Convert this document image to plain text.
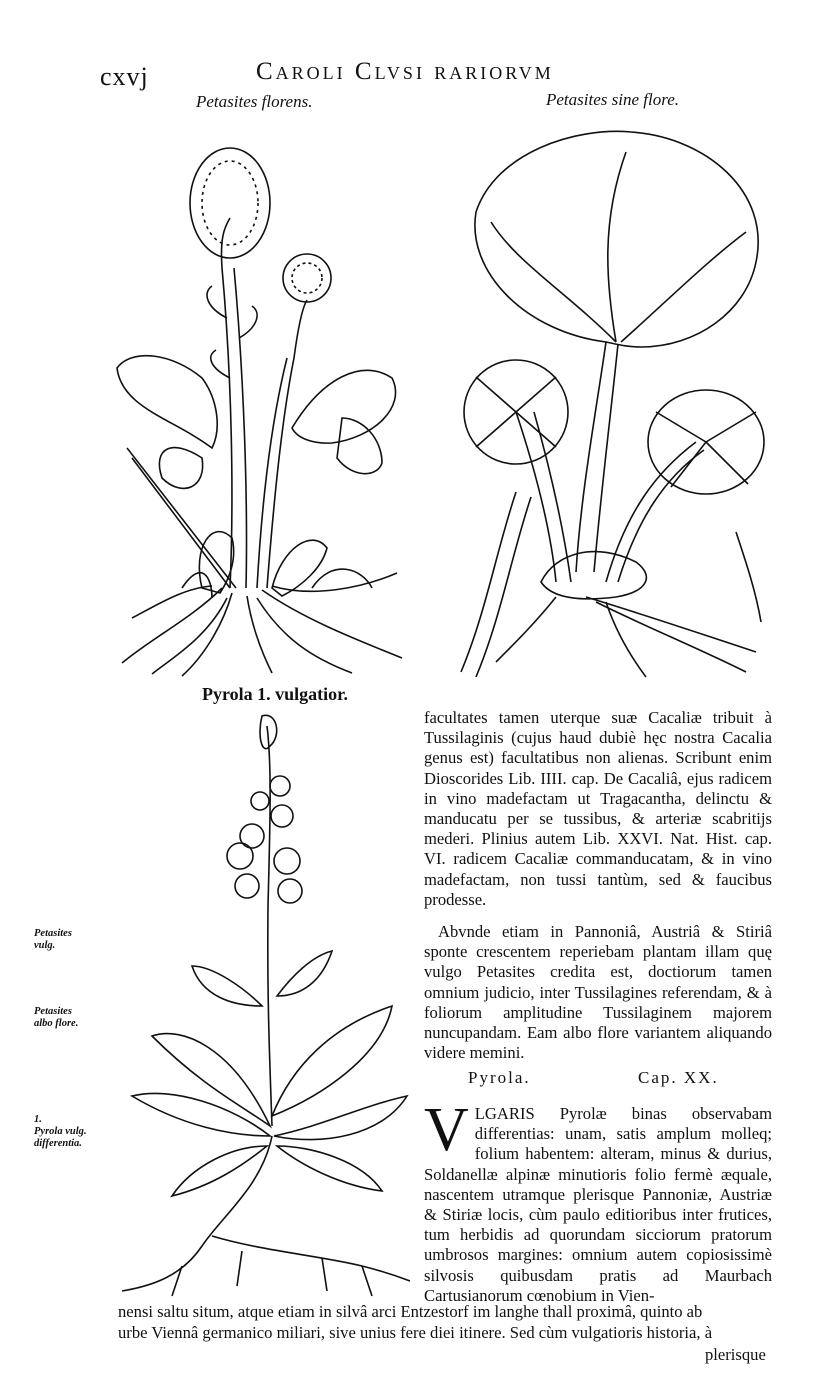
cxvj	Caroli Clvsi rariorvm
Petasites florens.	Petasites sine flore.
Pyrola 1. vulgatior.
Petasites
vulg.
Petasites
albo flore.
1.
Pyrola vulg.
differentia.

facultates tamen uterque suæ Cacaliæ tribuit à Tussilaginis (cujus haud dubiè hęc nostra Cacalia genus est) facultatibus non alienas. Scribunt enim Dioscorides Lib. IIII. cap. De Cacaliâ, ejus radicem in vino madefactam ut Tragacantha, delinctu & manducatu per se tussibus, & arteriæ scabritijs mederi. Plinius autem Lib. XXVI. Nat. Hist. cap. VI. radicem Cacaliæ commanducatam, & in vino madefactam, non tussi tantùm, sed & faucibus prodesse.

Abvnde etiam in Pannoniâ, Austriâ & Stiriâ sponte crescentem reperiebam plantam illam quę vulgo Petasites credita est, doctiorum tamen omnium judicio, inter Tussilagines referendam, & à foliorum amplitudine Tussilaginem majorem nuncupandam. Eam albo flore variantem aliquando videre memini.

Pyrola.	Cap. XX.

VLGARIS Pyrolæ binas observabam differentias: unam, satis amplum molleq; folium habentem: alteram, minus & durius, Soldanellæ alpinæ minutioris folio fermè æquale, nascentem utramque plerisque Pannoniæ, Austriæ & Stiriæ locis, cùm paulo editioribus inter frutices, tum herbidis ad quorundam sicciorum pratorum umbrosos margines: omnium autem copiosissimè silvosis quibusdam pratis ad Maurbach Cartusianorum cœnobium in Vien-

nensi saltu situm, atque etiam in silvâ arci Entzestorf im langhe thall proximâ, quinto ab
urbe Viennâ germanico miliari, sive unius fere diei itinere. Sed cùm vulgatioris historia, à
plerisque
